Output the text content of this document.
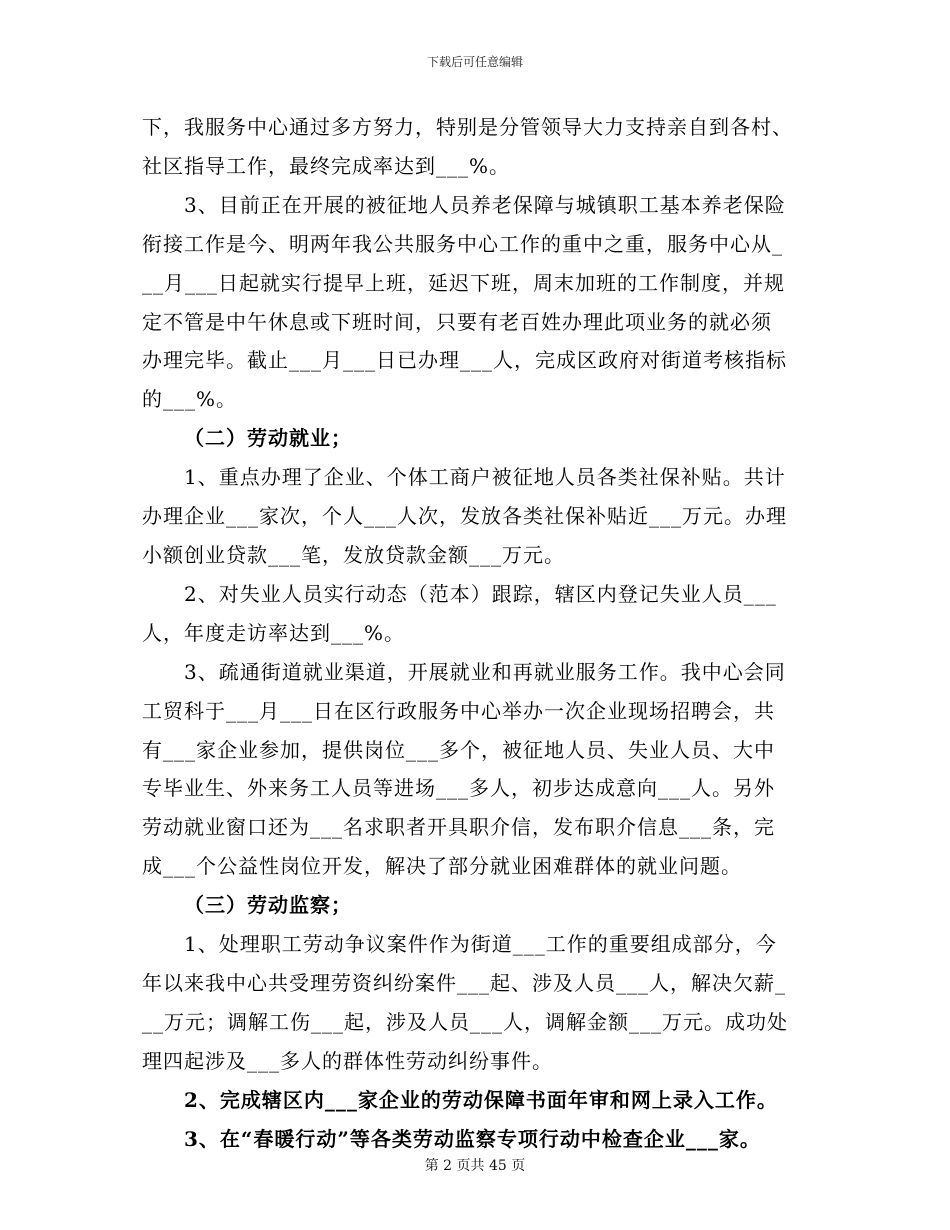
下载后可任意编辑

下，我服务中心通过多方努力，特别是分管领导大力支持亲自到各村、

社区指导工作，最终完成率达到___%。

3、目前正在开展的被征地人员养老保障与城镇职工基本养老保险

衔接工作是今、明两年我公共服务中心工作的重中之重，服务中心从_

__月___日起就实行提早上班，延迟下班，周末加班的工作制度，并规

定不管是中午休息或下班时间，只要有老百姓办理此项业务的就必须

办理完毕。截止___月___日已办理___人，完成区政府对街道考核指标

的___%。

（二）劳动就业；

1、重点办理了企业、个体工商户被征地人员各类社保补贴。共计

办理企业___家次，个人___人次，发放各类社保补贴近___万元。办理

小额创业贷款___笔，发放贷款金额___万元。

2、对失业人员实行动态（范本）跟踪，辖区内登记失业人员___

人，年度走访率达到___%。

3、疏通街道就业渠道，开展就业和再就业服务工作。我中心会同

工贸科于___月___日在区行政服务中心举办一次企业现场招聘会，共

有___家企业参加，提供岗位___多个，被征地人员、失业人员、大中

专毕业生、外来务工人员等进场___多人，初步达成意向___人。另外

劳动就业窗口还为___名求职者开具职介信，发布职介信息___条，完

成___个公益性岗位开发，解决了部分就业困难群体的就业问题。

（三）劳动监察；

1、处理职工劳动争议案件作为街道___工作的重要组成部分，今

年以来我中心共受理劳资纠纷案件___起、涉及人员___人，解决欠薪_

__万元；调解工伤___起，涉及人员___人，调解金额___万元。成功处

理四起涉及___多人的群体性劳动纠纷事件。

2、完成辖区内___家企业的劳动保障书面年审和网上录入工作。

3、在“春暖行动”等各类劳动监察专项行动中检查企业___家。

第 2 页共 45 页
